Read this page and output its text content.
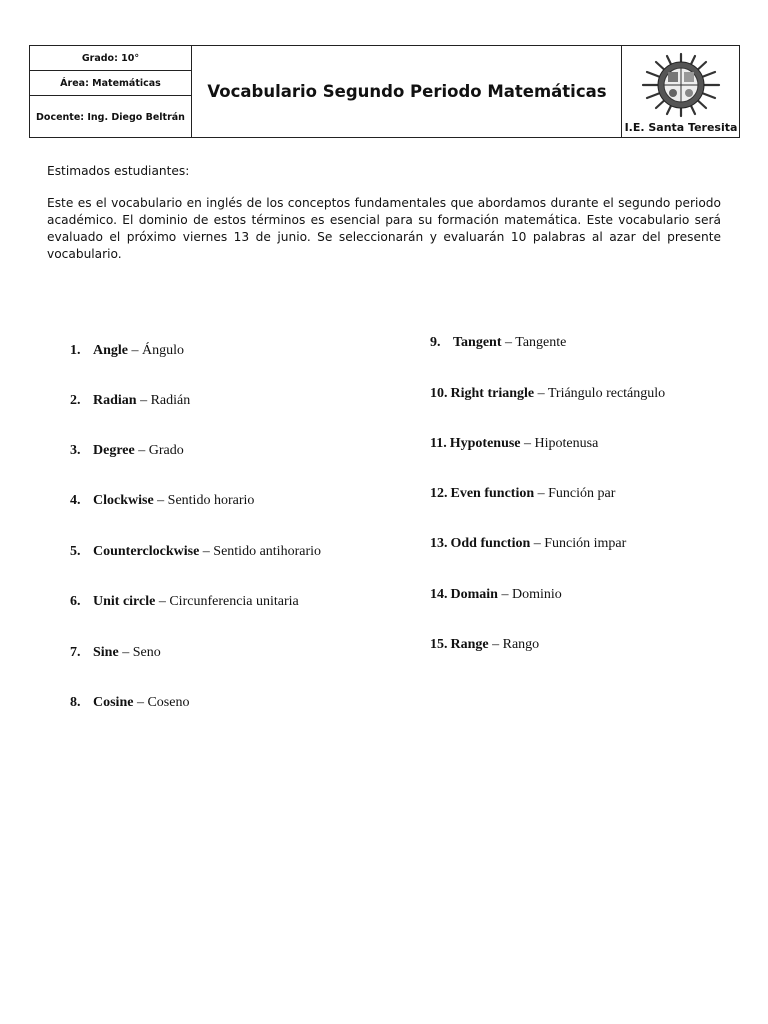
Grado: 10°
Área: Matemáticas
Docente: Ing. Diego Beltrán
Vocabulario Segundo Periodo Matemáticas
I.E. Santa Teresita
Estimados estudiantes:
Este es el vocabulario en inglés de los conceptos fundamentales que abordamos durante el segundo periodo académico. El dominio de estos términos es esencial para su formación matemática. Este vocabulario será evaluado el próximo viernes 13 de junio. Se seleccionarán y evaluarán 10 palabras al azar del presente vocabulario.
1. Angle – Ángulo
2. Radian – Radián
3. Degree – Grado
4. Clockwise – Sentido horario
5. Counterclockwise – Sentido antihorario
6. Unit circle – Circunferencia unitaria
7. Sine – Seno
8. Cosine – Coseno
9. Tangent – Tangente
10. Right triangle – Triángulo rectángulo
11. Hypotenuse – Hipotenusa
12. Even function – Función par
13. Odd function – Función impar
14. Domain – Dominio
15. Range – Rango
